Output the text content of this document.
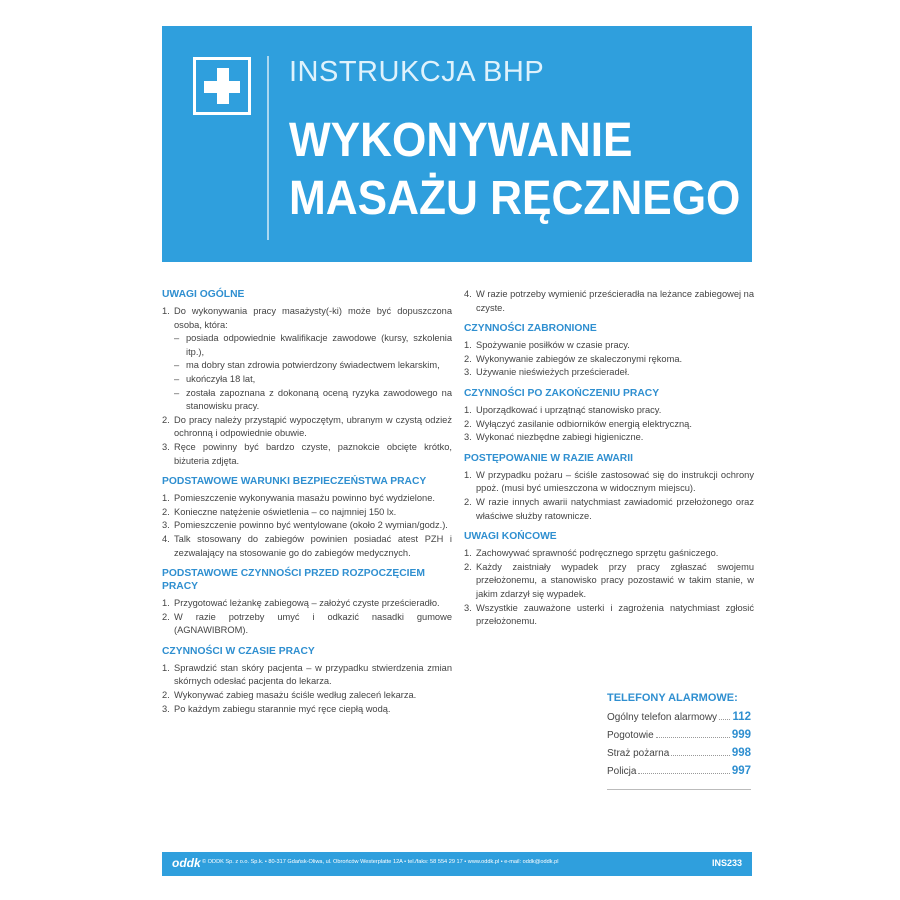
INSTRUKCJA BHP
WYKONYWANIE
MASAŻU RĘCZNEGO
UWAGI OGÓLNE
1. Do wykonywania pracy masażysty(-ki) może być dopuszczona osoba, która:
– posiada odpowiednie kwalifikacje zawodowe (kursy, szkolenia itp.),
– ma dobry stan zdrowia potwierdzony świadectwem lekarskim,
– ukończyła 18 lat,
– została zapoznana z dokonaną oceną ryzyka zawodowego na stanowisku pracy.
2. Do pracy należy przystąpić wypoczętym, ubranym w czystą odzież ochronną i odpowiednie obuwie.
3. Ręce powinny być bardzo czyste, paznokcie obcięte krótko, biżuteria zdjęta.
PODSTAWOWE WARUNKI BEZPIECZEŃSTWA PRACY
1. Pomieszczenie wykonywania masażu powinno być wydzielone.
2. Konieczne natężenie oświetlenia – co najmniej 150 lx.
3. Pomieszczenie powinno być wentylowane (około 2 wymian/godz.).
4. Talk stosowany do zabiegów powinien posiadać atest PZH i zezwalający na stosowanie go do zabiegów medycznych.
PODSTAWOWE CZYNNOŚCI PRZED ROZPOCZĘCIEM PRACY
1. Przygotować leżankę zabiegową – założyć czyste prześcieradło.
2. W razie potrzeby umyć i odkazić nasadki gumowe (AGNAWIBROM).
CZYNNOŚCI W CZASIE PRACY
1. Sprawdzić stan skóry pacjenta – w przypadku stwierdzenia zmian skórnych odesłać pacjenta do lekarza.
2. Wykonywać zabieg masażu ściśle według zaleceń lekarza.
3. Po każdym zabiegu starannie myć ręce ciepłą wodą.
4. W razie potrzeby wymienić prześcieradła na leżance zabiegowej na czyste.
CZYNNOŚCI ZABRONIONE
1. Spożywanie posiłków w czasie pracy.
2. Wykonywanie zabiegów ze skaleczonymi rękoma.
3. Używanie nieświeżych prześcieradeł.
CZYNNOŚCI PO ZAKOŃCZENIU PRACY
1. Uporządkować i uprzątnąć stanowisko pracy.
2. Wyłączyć zasilanie odbiorników energią elektryczną.
3. Wykonać niezbędne zabiegi higieniczne.
POSTĘPOWANIE W RAZIE AWARII
1. W przypadku pożaru – ściśle zastosować się do instrukcji ochrony ppoż. (musi być umieszczona w widocznym miejscu).
2. W razie innych awarii natychmiast zawiadomić przełożonego oraz właściwe służby ratownicze.
UWAGI KOŃCOWE
1. Zachowywać sprawność podręcznego sprzętu gaśniczego.
2. Każdy zaistniały wypadek przy pracy zgłaszać swojemu przełożonemu, a stanowisko pracy pozostawić w takim stanie, w jakim zdarzył się wypadek.
3. Wszystkie zauważone usterki i zagrożenia natychmiast zgłosić przełożonemu.
TELEFONY ALARMOWE:
Ogólny telefon alarmowy 112
Pogotowie	999
Straż pożarna	998
Policja	997
oddk © ODDK Sp. z o.o. Sp.k. • 80-317 Gdańsk-Oliwa, ul. Obrońców Westerplatte 12A • tel./faks: 58 554 29 17 • www.oddk.pl • e-mail: oddk@oddk.pl	INS233
